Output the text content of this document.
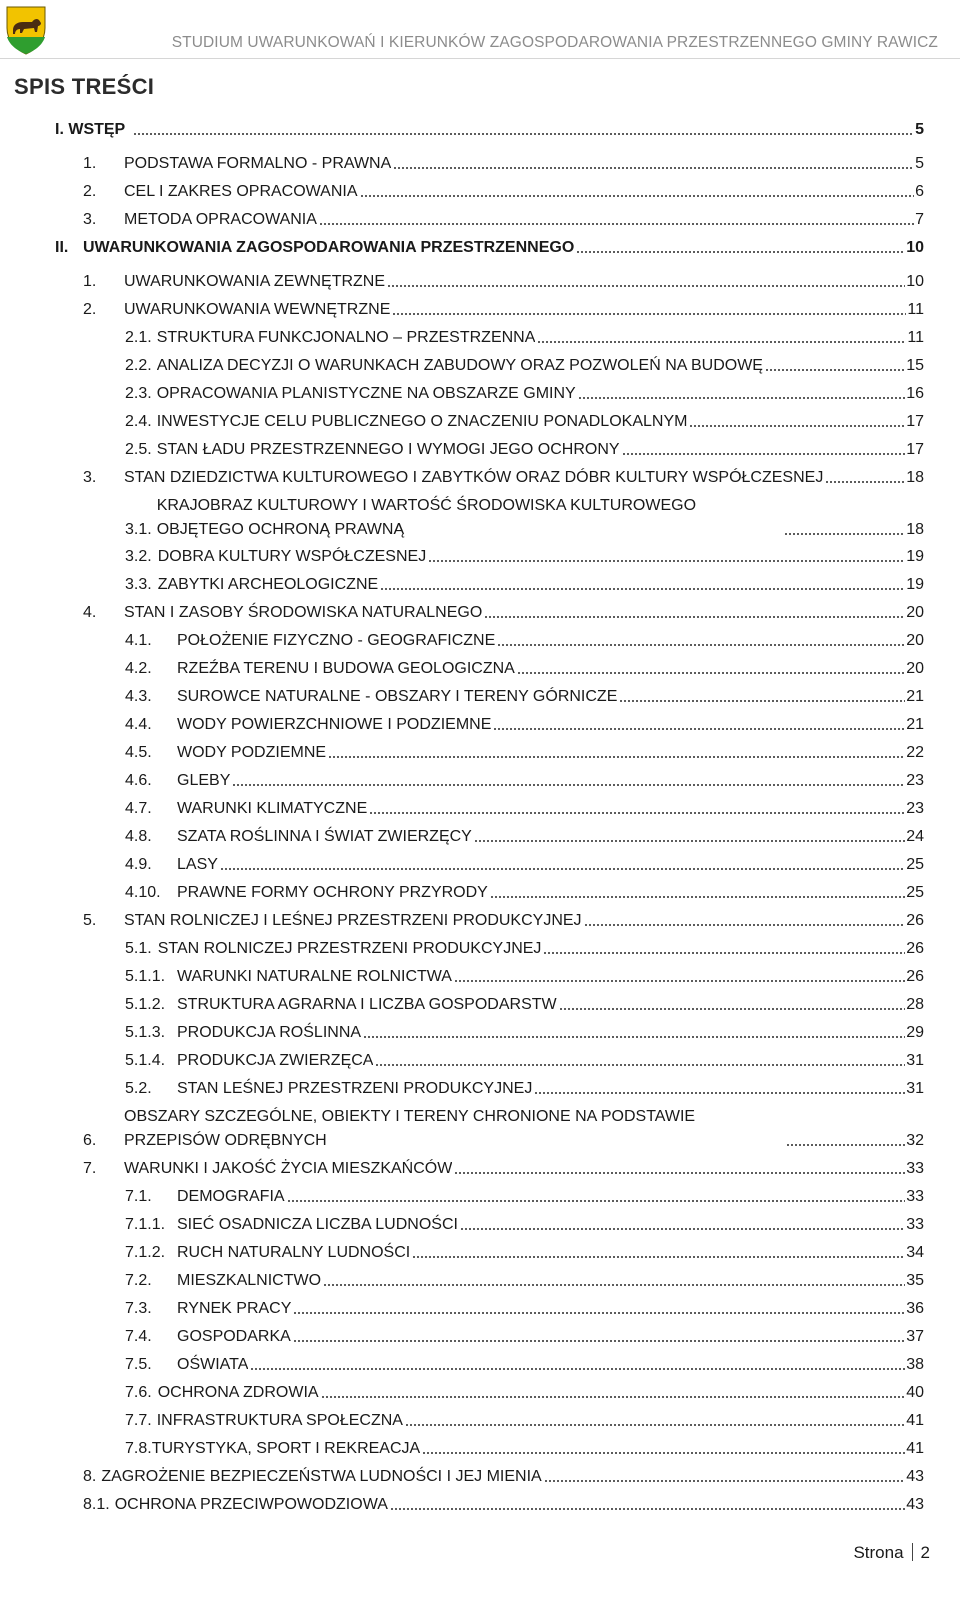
STUDIUM UWARUNKOWAŃ I KIERUNKÓW ZAGOSPODAROWANIA PRZESTRZENNEGO GMINY RAWICZ
SPIS TREŚCI
I. WSTĘP	5
1.	PODSTAWA FORMALNO - PRAWNA	5
2.	CEL I ZAKRES OPRACOWANIA	6
3.	METODA OPRACOWANIA	7
II. UWARUNKOWANIA ZAGOSPODAROWANIA PRZESTRZENNEGO	10
1.	UWARUNKOWANIA ZEWNĘTRZNE	10
2.	UWARUNKOWANIA WEWNĘTRZNE	11
2.1. STRUKTURA FUNKCJONALNO – PRZESTRZENNA	11
2.2. ANALIZA DECYZJI O WARUNKACH ZABUDOWY ORAZ POZWOLEŃ NA BUDOWĘ	15
2.3. OPRACOWANIA PLANISTYCZNE NA OBSZARZE GMINY	16
2.4. INWESTYCJE CELU PUBLICZNEGO O ZNACZENIU PONADLOKALNYM	17
2.5. STAN ŁADU PRZESTRZENNEGO I WYMOGI JEGO OCHRONY	17
3.	STAN DZIEDZICTWA KULTUROWEGO I ZABYTKÓW ORAZ DÓBR KULTURY WSPÓŁCZESNEJ	18
3.1.
KRAJOBRAZ KULTUROWY I WARTOŚĆ ŚRODOWISKA KULTUROWEGO OBJĘTEGO OCHRONĄ PRAWNĄ	18
3.2. DOBRA KULTURY WSPÓŁCZESNEJ	19
3.3. ZABYTKI ARCHEOLOGICZNE	19
4.	STAN I ZASOBY ŚRODOWISKA NATURALNEGO	20
4.1.	POŁOŻENIE FIZYCZNO - GEOGRAFICZNE	20
4.2.	RZEŹBA TERENU I BUDOWA GEOLOGICZNA	20
4.3.	SUROWCE NATURALNE - OBSZARY I TERENY GÓRNICZE	21
4.4.	WODY POWIERZCHNIOWE I PODZIEMNE	21
4.5.	WODY PODZIEMNE	22
4.6.	GLEBY	23
4.7.	WARUNKI KLIMATYCZNE	23
4.8.	SZATA ROŚLINNA I ŚWIAT ZWIERZĘCY	24
4.9.	LASY	25
4.10.	PRAWNE FORMY OCHRONY PRZYRODY	25
5.	STAN ROLNICZEJ I LEŚNEJ PRZESTRZENI PRODUKCYJNEJ	26
5.1. STAN ROLNICZEJ PRZESTRZENI PRODUKCYJNEJ	26
5.1.1. WARUNKI NATURALNE ROLNICTWA	26
5.1.2. STRUKTURA AGRARNA I LICZBA GOSPODARSTW	28
5.1.3. PRODUKCJA ROŚLINNA	29
5.1.4. PRODUKCJA ZWIERZĘCA	31
5.2.	STAN LEŚNEJ PRZESTRZENI PRODUKCYJNEJ	31
6.
OBSZARY SZCZEGÓLNE, OBIEKTY I TERENY CHRONIONE NA PODSTAWIE PRZEPISÓW ODRĘBNYCH	32
7.	WARUNKI I JAKOŚĆ ŻYCIA MIESZKAŃCÓW	33
7.1.	DEMOGRAFIA	33
7.1.1. SIEĆ OSADNICZA LICZBA LUDNOŚCI	33
7.1.2. RUCH NATURALNY LUDNOŚCI	34
7.2.	MIESZKALNICTWO	35
7.3.	RYNEK PRACY	36
7.4.	GOSPODARKA	37
7.5.	OŚWIATA	38
7.6. OCHRONA ZDROWIA	40
7.7. INFRASTRUKTURA SPOŁECZNA	41
7.8. TURYSTYKA, SPORT I REKREACJA	41
8. ZAGROŻENIE BEZPIECZEŃSTWA LUDNOŚCI I JEJ MIENIA	43
8.1. OCHRONA PRZECIWPOWODZIOWA	43
Strona 2
